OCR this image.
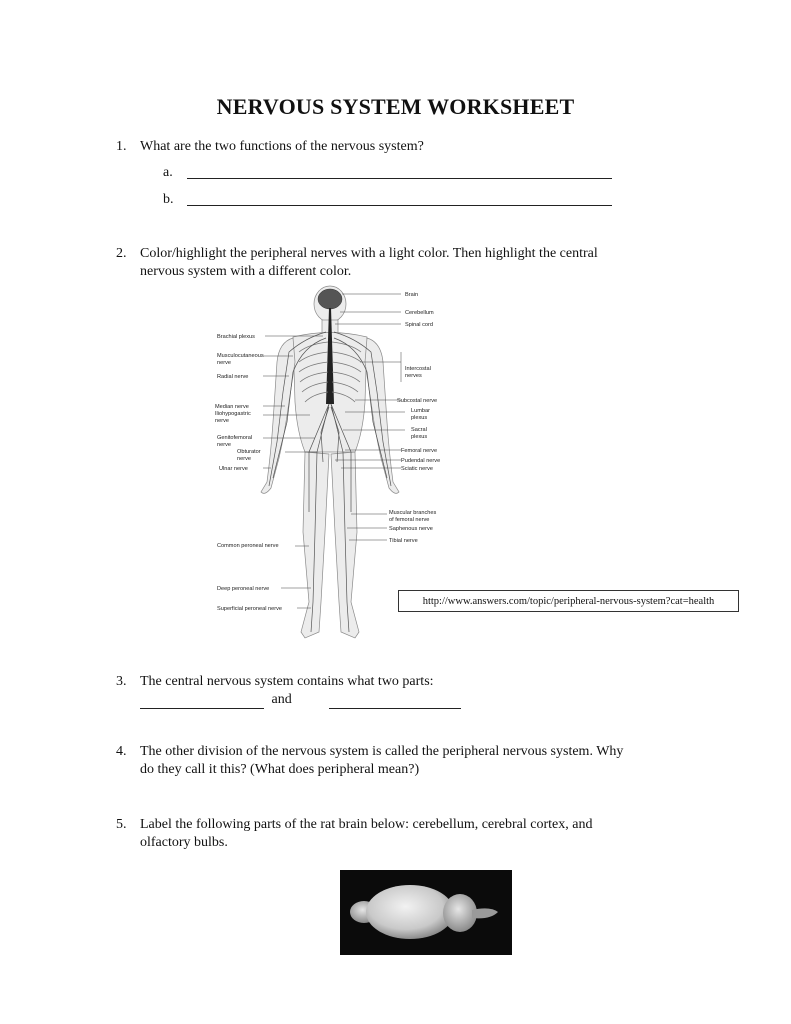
NERVOUS SYSTEM WORKSHEET
1. What are the two functions of the nervous system?
a.
b.
2. Color/highlight the peripheral nerves with a light color. Then highlight the central
nervous system with a different color.
Brachial plexus
Musculocutaneous
nerve
Radial nerve
Median nerve
Iliohypogastric
nerve
Genitofemoral
nerve
Obturator
nerve
Ulnar nerve
Common peroneal nerve
Deep peroneal nerve
Superficial peroneal nerve
Brain
Cerebellum
Spinal cord
Intercostal
nerves
Subcostal nerve
Lumbar
plexus
Sacral
plexus
Femoral nerve
Pudendal nerve
Sciatic nerve
Muscular branches
of femoral nerve
Saphenous nerve
Tibial nerve
http://www.answers.com/topic/peripheral-nervous-system?cat=health
3. The central nervous system contains what two parts:
and
4. The other division of the nervous system is called the peripheral nervous system. Why
do they call it this? (What does peripheral mean?)
5. Label the following parts of the rat brain below: cerebellum, cerebral cortex, and
olfactory bulbs.
